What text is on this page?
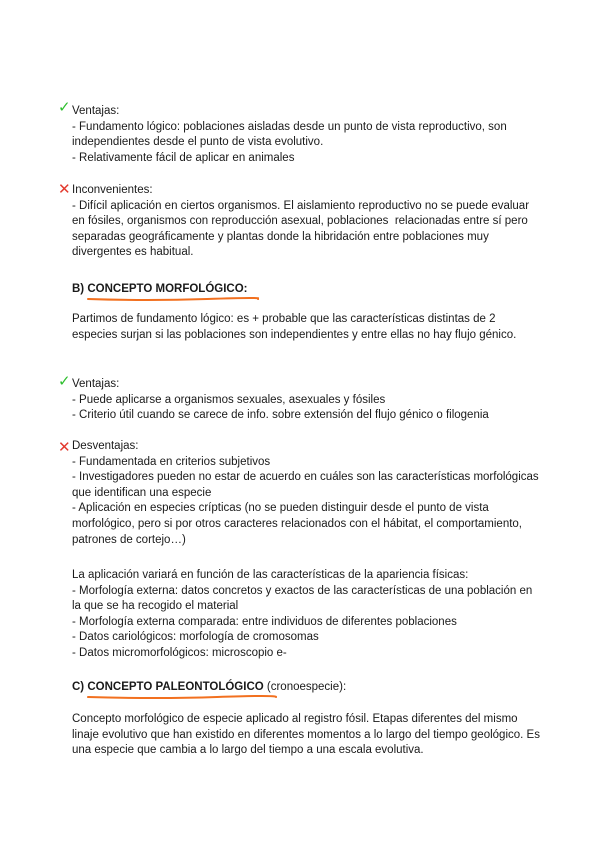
✓ Ventajas:

- Fundamento lógico: poblaciones aisladas desde un punto de vista reproductivo, son independientes desde el punto de vista evolutivo.

- Relativamente fácil de aplicar en animales

✕ Inconvenientes:

- Difícil aplicación en ciertos organismos. El aislamiento reproductivo no se puede evaluar en fósiles, organismos con reproducción asexual, poblaciones  relacionadas entre sí pero separadas geográficamente y plantas donde la hibridación entre poblaciones muy divergentes es habitual.

B) CONCEPTO MORFOLÓGICO:

Partimos de fundamento lógico: es + probable que las características distintas de 2 especies surjan si las poblaciones son independientes y entre ellas no hay flujo génico.

✓ Ventajas:

- Puede aplicarse a organismos sexuales, asexuales y fósiles

- Criterio útil cuando se carece de info. sobre extensión del flujo génico o filogenia

✕ Desventajas:

- Fundamentada en criterios subjetivos

- Investigadores pueden no estar de acuerdo en cuáles son las características morfológicas que identifican una especie

- Aplicación en especies crípticas (no se pueden distinguir desde el punto de vista morfológico, pero si por otros caracteres relacionados con el hábitat, el comportamiento, patrones de cortejo…)

La aplicación variará en función de las características de la apariencia físicas:

- Morfología externa: datos concretos y exactos de las características de una población en la que se ha recogido el material

- Morfología externa comparada: entre individuos de diferentes poblaciones

- Datos cariológicos: morfología de cromosomas

- Datos micromorfológicos: microscopio e-

C) CONCEPTO PALEONTOLÓGICO
(cronoespecie):

Concepto morfológico de especie aplicado al registro fósil. Etapas diferentes del mismo linaje evolutivo que han existido en diferentes momentos a lo largo del tiempo geológico. Es una especie que cambia a lo largo del tiempo a una escala evolutiva.
